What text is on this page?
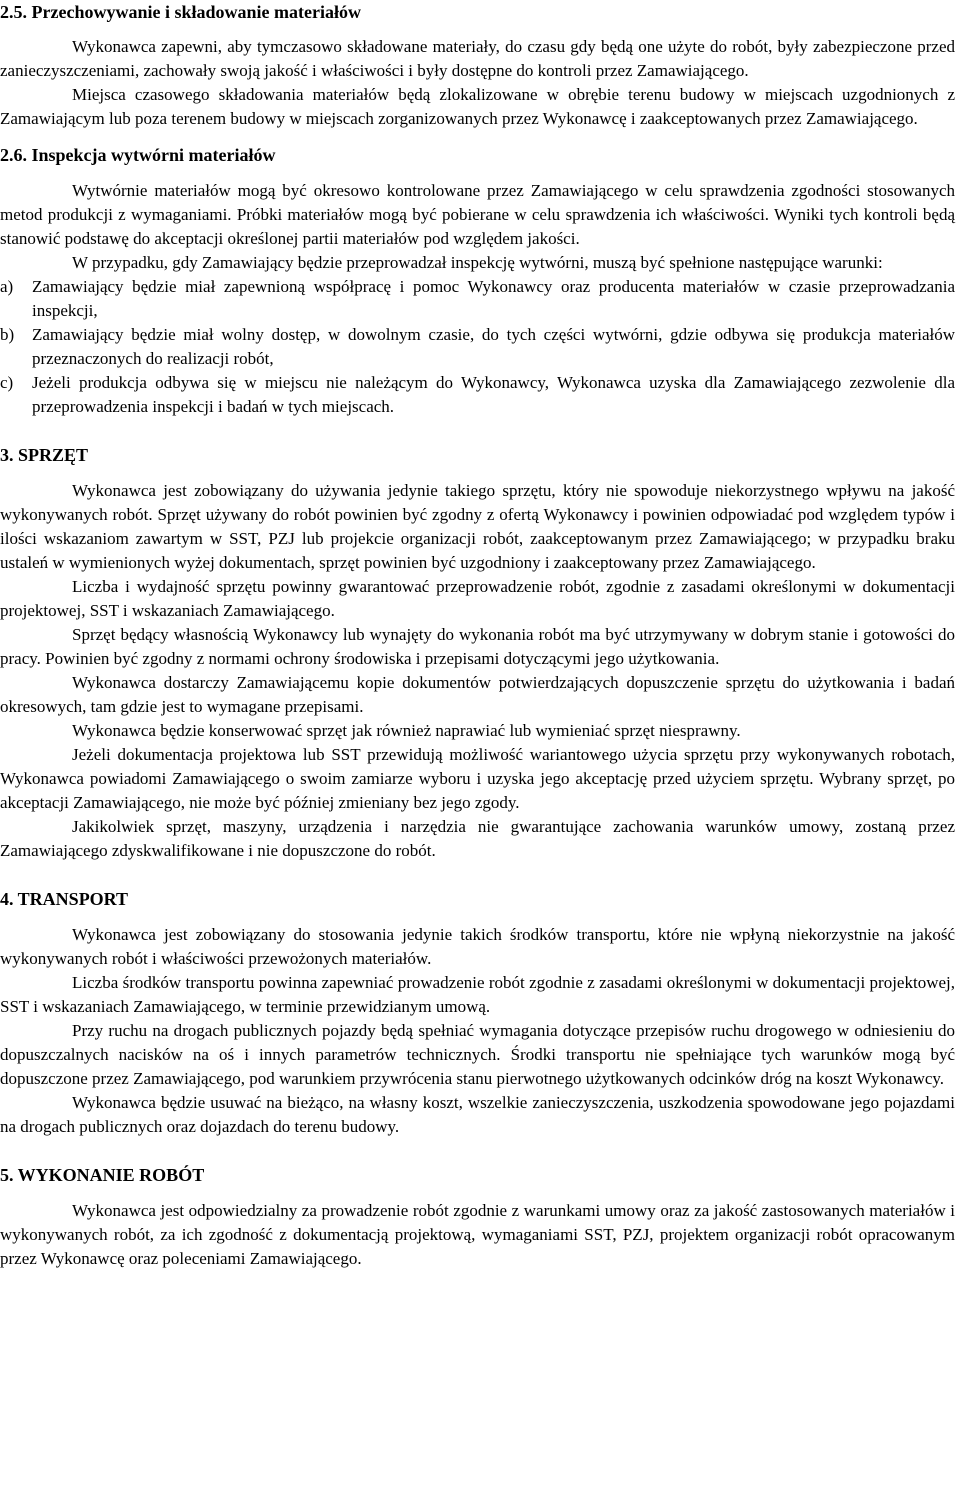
2.5. Przechowywanie i składowanie materiałów

Wykonawca zapewni, aby tymczasowo składowane materiały, do czasu gdy będą one użyte do robót, były zabezpieczone przed zanieczyszczeniami, zachowały swoją jakość i właściwości i były dostępne do kontroli przez Zamawiającego.

Miejsca czasowego składowania materiałów będą zlokalizowane w obrębie terenu budowy w miejscach uzgodnionych z Zamawiającym lub poza terenem budowy w miejscach zorganizowanych przez Wykonawcę i zaakceptowanych przez Zamawiającego.

2.6. Inspekcja wytwórni materiałów

Wytwórnie materiałów mogą być okresowo kontrolowane przez Zamawiającego w celu sprawdzenia zgodności stosowanych metod produkcji z wymaganiami. Próbki materiałów mogą być pobierane w celu sprawdzenia ich właściwości. Wyniki tych kontroli będą stanowić podstawę do akceptacji określonej partii materiałów pod względem jakości.

W przypadku, gdy Zamawiający będzie przeprowadzał inspekcję wytwórni, muszą być spełnione następujące warunki:

a) Zamawiający będzie miał zapewnioną współpracę i pomoc Wykonawcy oraz producenta materiałów w czasie przeprowadzania inspekcji,

b) Zamawiający będzie miał wolny dostęp, w dowolnym czasie, do tych części wytwórni, gdzie odbywa się produkcja materiałów przeznaczonych do realizacji robót,

c) Jeżeli produkcja odbywa się w miejscu nie należącym do Wykonawcy, Wykonawca uzyska dla Zamawiającego zezwolenie dla przeprowadzenia inspekcji i badań w tych miejscach.

3. SPRZĘT

Wykonawca jest zobowiązany do używania jedynie takiego sprzętu, który nie spowoduje niekorzystnego wpływu na jakość wykonywanych robót. Sprzęt używany do robót powinien być zgodny z ofertą Wykonawcy i powinien odpowiadać pod względem typów i ilości wskazaniom zawartym w SST, PZJ lub projekcie organizacji robót, zaakceptowanym przez Zamawiającego; w przypadku braku ustaleń w wymienionych wyżej dokumentach, sprzęt powinien być uzgodniony i zaakceptowany przez Zamawiającego.

Liczba i wydajność sprzętu powinny gwarantować przeprowadzenie robót, zgodnie z zasadami określonymi w dokumentacji projektowej, SST i wskazaniach Zamawiającego.

Sprzęt będący własnością Wykonawcy lub wynajęty do wykonania robót ma być utrzymywany w dobrym stanie i gotowości do pracy. Powinien być zgodny z normami ochrony środowiska i przepisami dotyczącymi jego użytkowania.

Wykonawca dostarczy Zamawiającemu kopie dokumentów potwierdzających dopuszczenie sprzętu do użytkowania i badań okresowych, tam gdzie jest to wymagane przepisami.

Wykonawca będzie konserwować sprzęt jak również naprawiać lub wymieniać sprzęt niesprawny.

Jeżeli dokumentacja projektowa lub SST przewidują możliwość wariantowego użycia sprzętu przy wykonywanych robotach, Wykonawca powiadomi Zamawiającego o swoim zamiarze wyboru i uzyska jego akceptację przed użyciem sprzętu. Wybrany sprzęt, po akceptacji Zamawiającego, nie może być później zmieniany bez jego zgody.

Jakikolwiek sprzęt, maszyny, urządzenia i narzędzia nie gwarantujące zachowania warunków umowy, zostaną przez Zamawiającego zdyskwalifikowane i nie dopuszczone do robót.

4. TRANSPORT

Wykonawca jest zobowiązany do stosowania jedynie takich środków transportu, które nie wpłyną niekorzystnie na jakość wykonywanych robót i właściwości przewożonych materiałów.

Liczba środków transportu powinna zapewniać prowadzenie robót zgodnie z zasadami określonymi w dokumentacji projektowej, SST i wskazaniach Zamawiającego, w terminie przewidzianym umową.

Przy ruchu na drogach publicznych pojazdy będą spełniać wymagania dotyczące przepisów ruchu drogowego w odniesieniu do dopuszczalnych nacisków na oś i innych parametrów technicznych. Środki transportu nie spełniające tych warunków mogą być dopuszczone przez Zamawiającego, pod warunkiem przywrócenia stanu pierwotnego użytkowanych odcinków dróg na koszt Wykonawcy.

Wykonawca będzie usuwać na bieżąco, na własny koszt, wszelkie zanieczyszczenia, uszkodzenia spowodowane jego pojazdami na drogach publicznych oraz dojazdach do terenu budowy.

5. WYKONANIE ROBÓT

Wykonawca jest odpowiedzialny za prowadzenie robót zgodnie z warunkami umowy oraz za jakość zastosowanych materiałów i wykonywanych robót, za ich zgodność z dokumentacją projektową, wymaganiami SST, PZJ, projektem organizacji robót opracowanym przez Wykonawcę oraz poleceniami Zamawiającego.
